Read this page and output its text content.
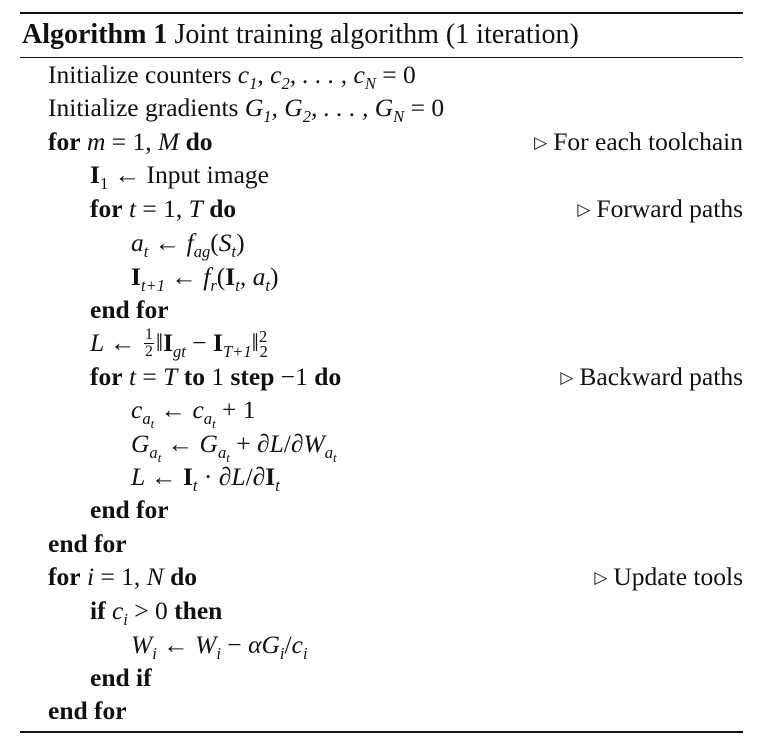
Algorithm 1 Joint training algorithm (1 iteration)
Initialize counters $c_1$, $c_2$, . . . , $c_N = 0$
Initialize gradients $G_1$, $G_2$, . . . , $G_N = 0$
for m = 1, M do	▷ For each toolchain
$I_1$ ← Input image
for t = 1, T do	▷ Forward paths
$a_t$ ← $f_{ag}(S_t)$
$I_{t+1}$ ← $f_r(I_t$, $a_t$)
end for
L ← $\frac{1}{2}$ $‖I_{gt}$ − $I_{T+1}‖^2_2$
for t = T to 1 step −1 do	▷ Backward paths
$c_{a_t}$ ← $c_{a_t} + 1$
$G_{a_t}$ ← $G_{a_t} + \partial L/\partial W_{a_t}$
L ← $I_t \cdot \partial L/\partial I_t$
end for
end for
for i = 1, N do	▷ Update tools
if $c_i > 0$ then
$W_i$ ← $W_i - \alpha G_i/c_i$
end if
end for
